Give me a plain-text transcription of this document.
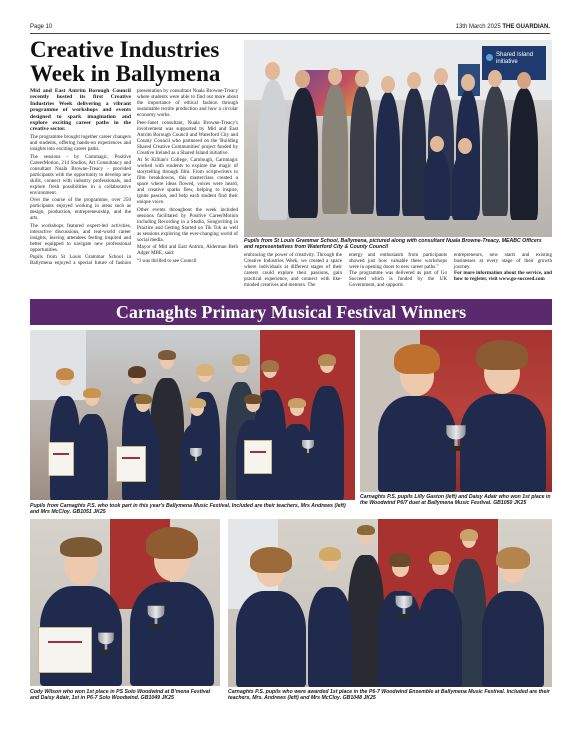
Page 10	13th March 2025 THE GUARDIAN.
Creative Industries Week in Ballymena

Mid and East Antrim Borough Council recently hosted its first Creative Industries Week delivering a vibrant programme of workshops and events designed to spark imagination and explore exciting career paths in the creative sector.

The programme brought together career changers and students, offering hands-on experiences and insights into exciting career paths.

The sessions - by Carnmagic, Positive CareerMotion, 214 Studios, Art Consultancy and consultant Nuala Browne-Treacy - provided participants with the opportunity to develop new skills, connect with industry professionals, and explore fresh possibilities in a collaborative environment.

Over the course of the programme, over 250 participants enjoyed working in areas such as design, production, entrepreneurship, and the arts.

The workshops featured expert-led activities, interactive discussions, and real-world career insights, leaving attendees feeling inspired and better equipped to navigate new professional opportunities.

Pupils from St Louis Grammar School in Ballymena enjoyed a special future of fashion presentation by consultant Nuala Browne-Treacy where students were able to find out more about the importance of ethical fashion through sustainable textile production and how a circular economy works.

Peer-Janet consultant, Nuala Browne-Treacy's involvement was supported by Mid and East Antrim Borough Council and Waterford City and County Council who partnered on the 'Building Shared Creative Communities' project funded by Creative Ireland as a Shared Island initiative.

At St Killian's College, Carnlough, Carnmagic worked with students to explore the magic of storytelling through film. From scriptwriters to film breakdowns, this masterclass created a space where ideas flowed, voices were heard, and creative sparks flew, helping to inspire, ignite passion, and help each student find their unique voice.

Other events throughout the week included sessions facilitated by Positive CareerMotion including Recording in a Studio, Songwriting in Practice and Getting Started on Tik Tok as well as sessions exploring the ever-changing world of social media.

Mayor of Mid and East Antrim, Alderman Beth Adger MBE, said:

“I was thrilled to see Council

Shared Island initiative

Pupils from St Louis Grammar School, Ballymena, pictured along with consultant Nuala Browne-Treacy, MEABC Officers and representatives from Waterford City & County Council

embracing the power of creativity. Through the Creative Industries Week, we created a space where individuals at different stages of their careers could explore their passions, gain practical experience, and connect with like-minded creatives and mentors. The

energy and enthusiasm from participants showed just how valuable these workshops were in opening doors to new career paths.”

The programme was delivered as part of Go Succeed which is funded by the UK Government, and supports

entrepreneurs, new starts and existing businesses at every stage of their growth journey.

For more information about the service, and how to register, visit www.go-succeed.com

Carnaghts Primary Musical Festival Winners

Pupils from Carnaghts P.S. who took part in this year's Ballymena Music Festival. Included are their teachers, Mrs Andrews (left) and Mrs McCloy. GB1051 JK25

Carnaghts P.S. pupils Lilly Gaston (left) and Daisy Adair who won 1st place in the Woodwind P6/7 duet at Ballymena Music Festival. GB1050 JK25

Cody Wilson who won 1st place in PS Solo Woodwind at B'mena Festival and Daisy Adair, 1st in P6-7 Solo Woodwind. GB1049 JK25

Carnaghts P.S. pupils who were awarded 1st place in the P6-7 Woodwind Ensemble at Ballymena Music Festival. Included are their teachers, Mrs. Andrews (left) and Mrs McCloy. GB1048 JK25
